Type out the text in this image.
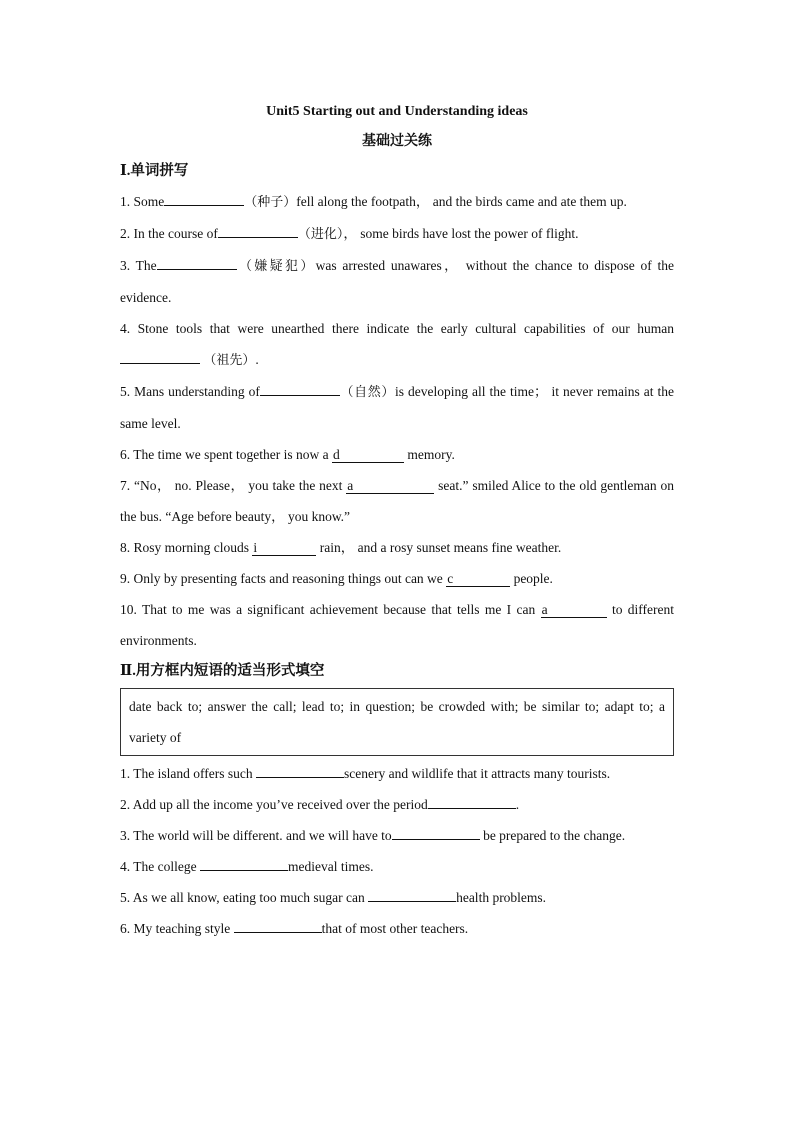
Unit5 Starting out and Understanding ideas
基础过关练
Ⅰ.单词拼写

1. Some	（种子）fell along the footpath， and the birds came and ate them up.

2. In the course of	（进化）， some birds have lost the power of flight.

3. The	（嫌疑犯）was arrested unawares， without the chance to dispose of the evidence.

4. Stone tools that were unearthed there indicate the early cultural capabilities of our human （祖先）.

5. Mans understanding of	（自然）is developing all the time； it never remains at the same level.

6. The time we spent together is now a d	memory.

7. “No， no. Please， you take the next a	seat.” smiled Alice to the old gentleman on the bus. “Age before beauty， you know.”

8. Rosy morning clouds i	rain， and a rosy sunset means fine weather.

9. Only by presenting facts and reasoning things out can we c	people.

10. That to me was a significant achievement because that tells me I can a	to different environments.

Ⅱ.用方框内短语的适当形式填空
date back to; answer the call; lead to; in question; be crowded with; be similar to; adapt to; a variety of

1. The island offers such	scenery and wildlife that it attracts many tourists.

2. Add up all the income you’ve received over the period	.

3. The world will be different. and we will have to	be prepared to the change.

4. The college	medieval times.

5. As we all know, eating too much sugar can	health problems.

6. My teaching style	that of most other teachers.
